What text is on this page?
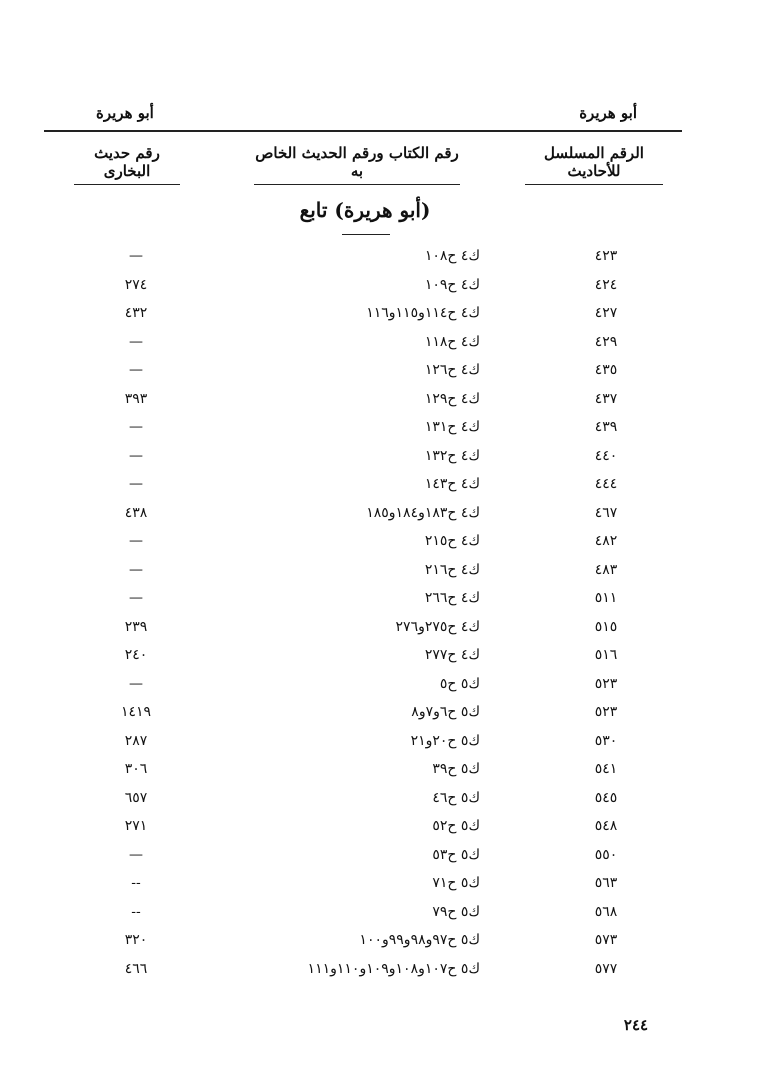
أبو هريرة
أبو هريرة
الرقم المسلسل للأحاديث
رقم الكتاب ورقم الحديث الخاص به
رقم حديث البخارى
(أبو هريرة) تابع
٤٢٣
ك٤ ح١٠٨
—
٤٢٤
ك٤ ح١٠٩
٢٧٤
٤٢٧
ك٤ ح١١٤و١١٥و١١٦
٤٣٢
٤٢٩
ك٤ ح١١٨
—
٤٣٥
ك٤ ح١٢٦
—
٤٣٧
ك٤ ح١٢٩
٣٩٣
٤٣٩
ك٤ ح١٣١
—
٤٤٠
ك٤ ح١٣٢
—
٤٤٤
ك٤ ح١٤٣
—
٤٦٧
ك٤ ح١٨٣و١٨٤و١٨٥
٤٣٨
٤٨٢
ك٤ ح٢١٥
—
٤٨٣
ك٤ ح٢١٦
—
٥١١
ك٤ ح٢٦٦
—
٥١٥
ك٤ ح٢٧٥و٢٧٦
٢٣٩
٥١٦
ك٤ ح٢٧٧
٢٤٠
٥٢٣
ك٥ ح٥
—
٥٢٣
ك٥ ح٦و٧و٨
١٤١٩
٥٣٠
ك٥ ح٢٠و٢١
٢٨٧
٥٤١
ك٥ ح٣٩
٣٠٦
٥٤٥
ك٥ ح٤٦
٦٥٧
٥٤٨
ك٥ ح٥٢
٢٧١
٥٥٠
ك٥ ح٥٣
—
٥٦٣
ك٥ ح٧١
--
٥٦٨
ك٥ ح٧٩
--
٥٧٣
ك٥ ح٩٧و٩٨و٩٩و١٠٠
٣٢٠
٥٧٧
ك٥ ح١٠٧و١٠٨و١٠٩و١١٠و١١١
٤٦٦
٢٤٤
